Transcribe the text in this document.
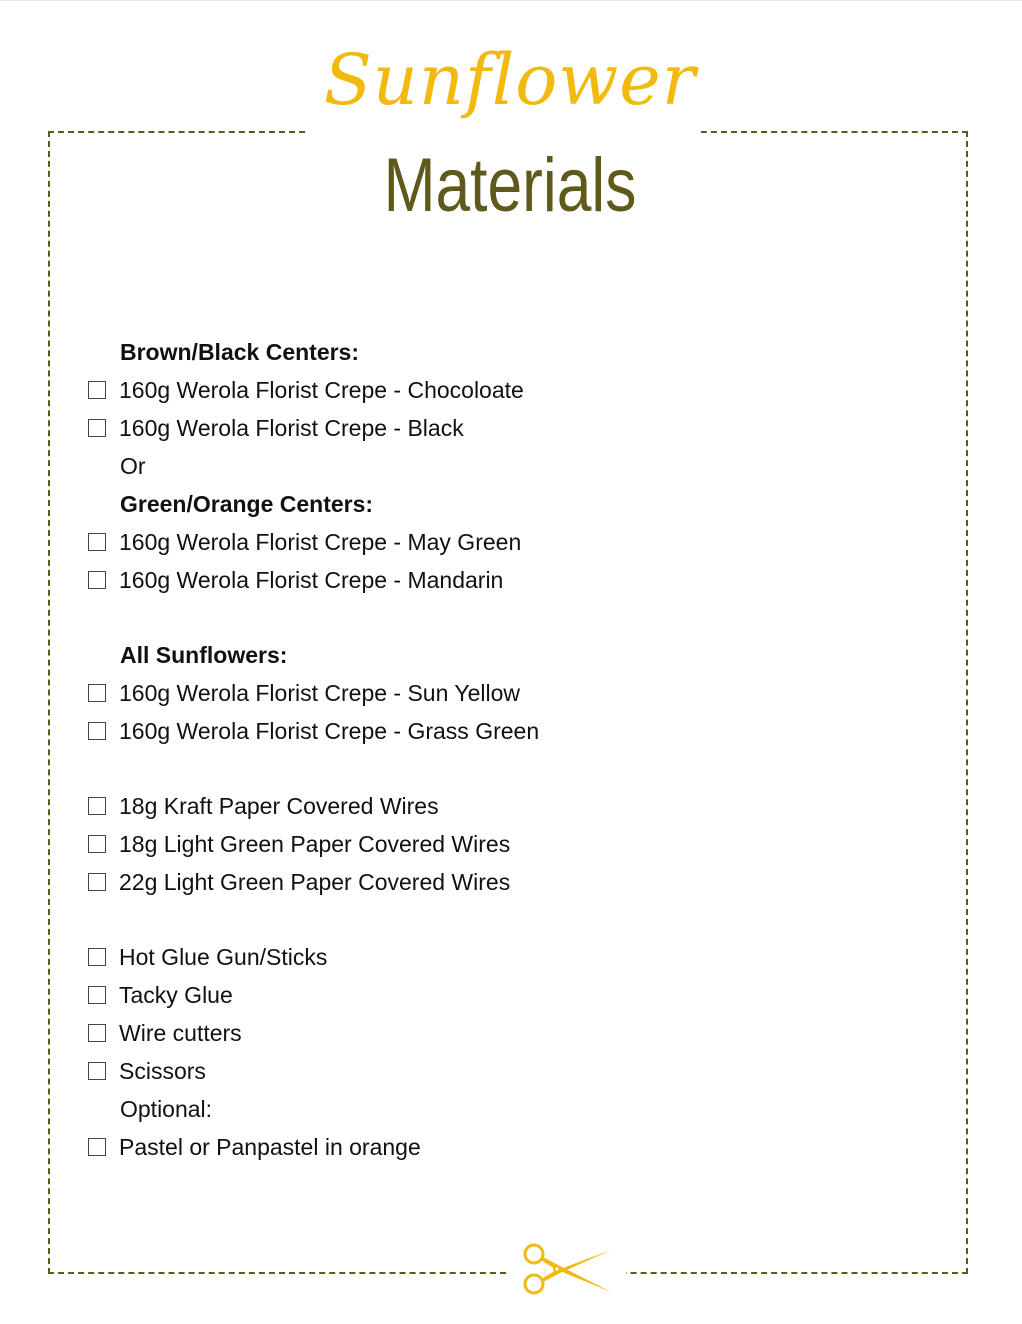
Sunflower
Materials
Brown/Black Centers:
160g Werola Florist Crepe - Chocoloate
160g Werola Florist Crepe - Black
Or
Green/Orange Centers:
160g Werola Florist Crepe - May Green
160g Werola Florist Crepe - Mandarin
All Sunflowers:
160g Werola Florist Crepe - Sun Yellow
160g Werola Florist Crepe - Grass Green
18g Kraft Paper Covered Wires
18g Light Green Paper Covered Wires
22g Light Green Paper Covered Wires
Hot Glue Gun/Sticks
Tacky Glue
Wire cutters
Scissors
Optional:
Pastel or Panpastel in orange
